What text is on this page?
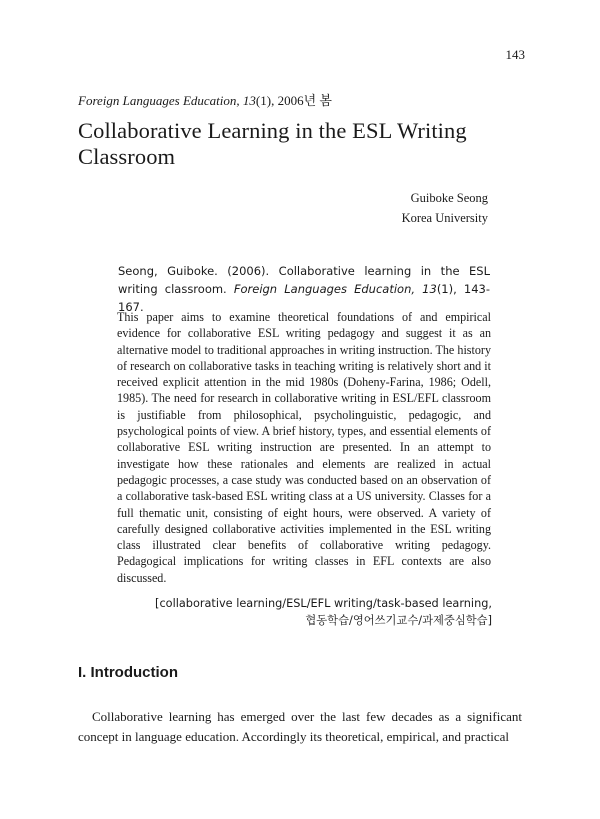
143
Foreign Languages Education, 13(1), 2006년 봄
Collaborative Learning in the ESL Writing Classroom
Guiboke Seong
Korea University
Seong, Guiboke. (2006). Collaborative learning in the ESL writing classroom. Foreign Languages Education, 13(1), 143-167.
This paper aims to examine theoretical foundations of and empirical evidence for collaborative ESL writing pedagogy and suggest it as an alternative model to traditional approaches in writing instruction. The history of research on collaborative tasks in teaching writing is relatively short and it received explicit attention in the mid 1980s (Doheny-Farina, 1986; Odell, 1985). The need for research in collaborative writing in ESL/EFL classroom is justifiable from philosophical, psycholinguistic, pedagogic, and psychological points of view. A brief history, types, and essential elements of collaborative ESL writing instruction are presented. In an attempt to investigate how these rationales and elements are realized in actual pedagogic processes, a case study was conducted based on an observation of a collaborative task-based ESL writing class at a US university. Classes for a full thematic unit, consisting of eight hours, were observed. A variety of carefully designed collaborative activities implemented in the ESL writing class illustrated clear benefits of collaborative writing pedagogy. Pedagogical implications for writing classes in EFL contexts are also discussed.
[collaborative learning/ESL/EFL writing/task-based learning,
협동학습/영어쓰기교수/과제중심학습]
I. Introduction
Collaborative learning has emerged over the last few decades as a significant concept in language education. Accordingly its theoretical, empirical, and practical
